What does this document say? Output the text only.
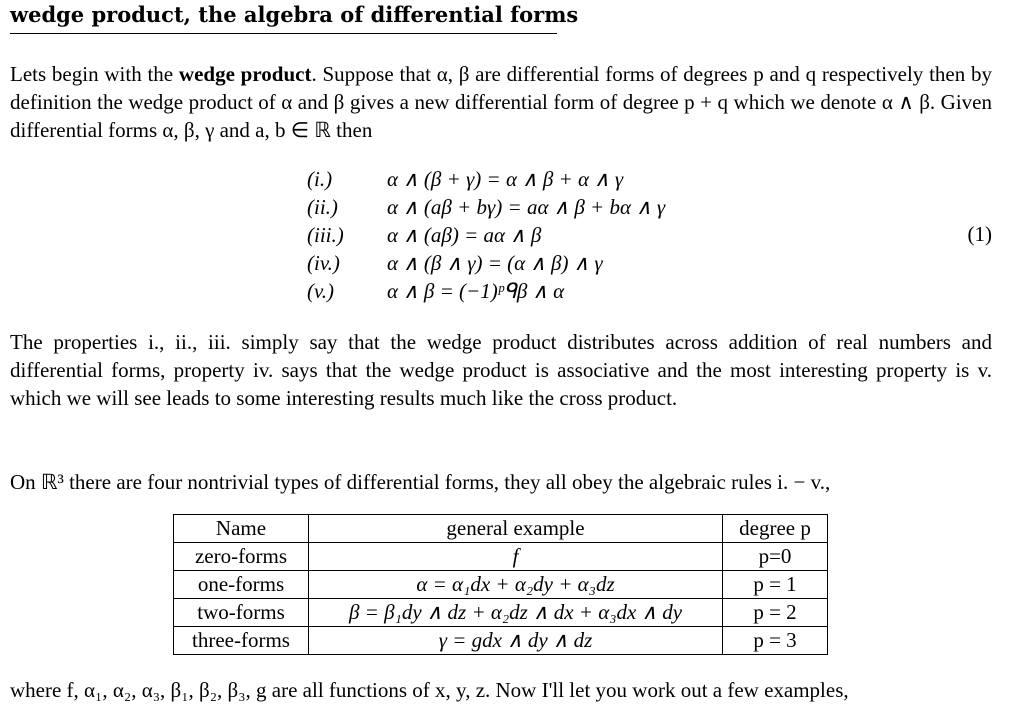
wedge product, the algebra of differential forms
Lets begin with the wedge product. Suppose that α, β are differential forms of degrees p and q respectively then by definition the wedge product of α and β gives a new differential form of degree p + q which we denote α ∧ β. Given differential forms α, β, γ and a, b ∈ ℝ then
(i.)	α ∧ (β + γ) = α ∧ β + α ∧ γ
(ii.) α ∧ (aβ + bγ) = aα ∧ β + bα ∧ γ
(iii.) α ∧ (aβ) = aα ∧ β
(iv.) α ∧ (β ∧ γ) = (α ∧ β) ∧ γ
(v.)	α ∧ β = (−1)ᵖᑫβ ∧ α
(1)
The properties i., ii., iii. simply say that the wedge product distributes across addition of real numbers and differential forms, property iv. says that the wedge product is associative and the most interesting property is v. which we will see leads to some interesting results much like the cross product.
On ℝ³ there are four nontrivial types of differential forms, they all obey the algebraic rules i. − v.,
Name	general example	degree p
zero-forms	f	p=0
one-forms	α = α₁dx + α₂dy + α₃dz	p = 1
two-forms	β = β₁dy ∧ dz + α₂dz ∧ dx + α₃dx ∧ dy	p = 2
three-forms	γ = gdx ∧ dy ∧ dz	p = 3
where f, α₁, α₂, α₃, β₁, β₂, β₃, g are all functions of x, y, z. Now I'll let you work out a few examples,
